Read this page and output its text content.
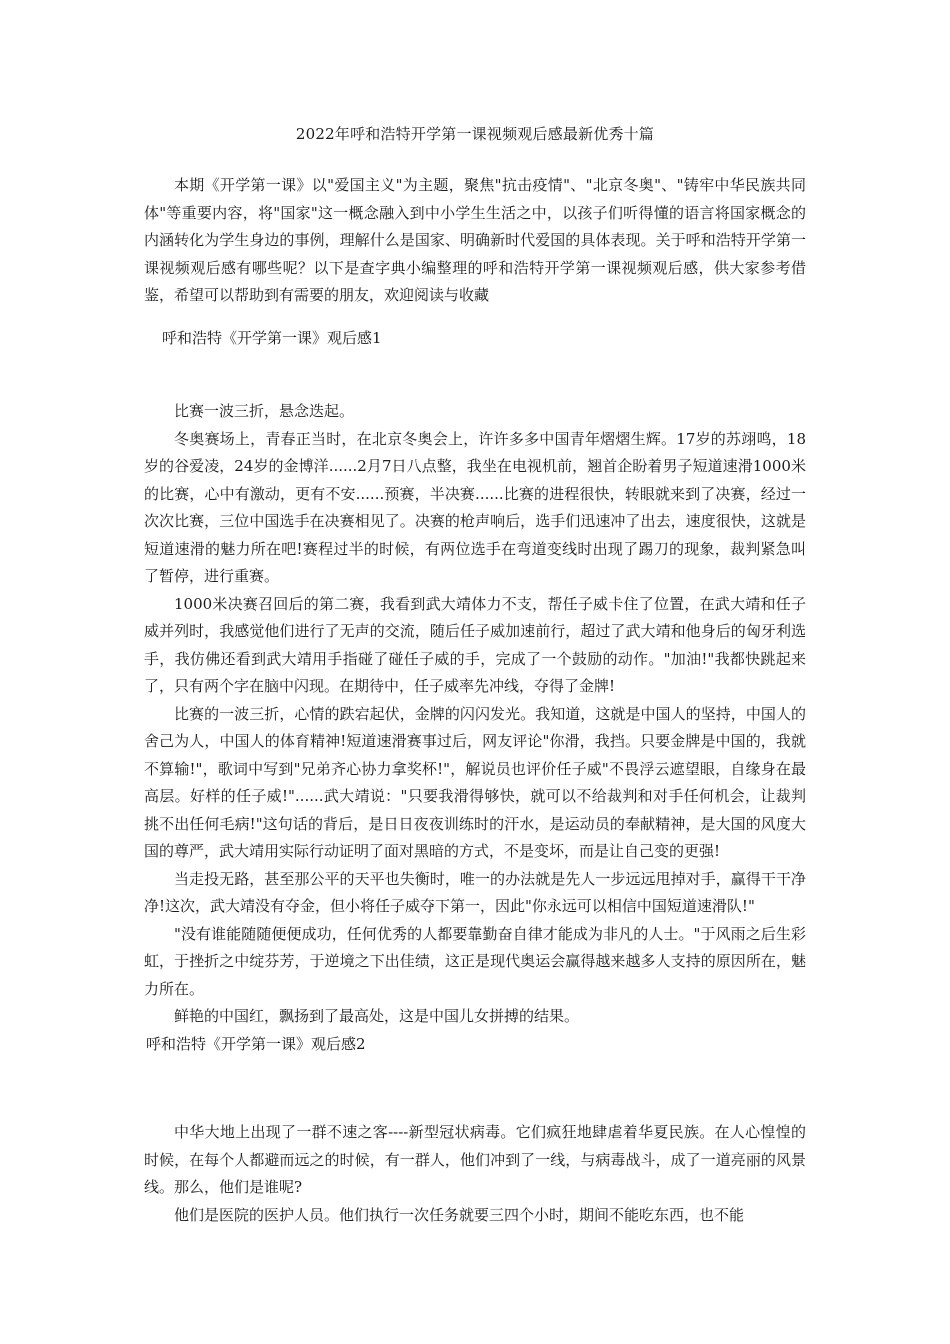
2022年呼和浩特开学第一课视频观后感最新优秀十篇

本期《开学第一课》以"爱国主义"为主题，聚焦"抗击疫情"、"北京冬奥"、"铸牢中华民族共同体"等重要内容，将"国家"这一概念融入到中小学生生活之中，以孩子们听得懂的语言将国家概念的内涵转化为学生身边的事例，理解什么是国家、明确新时代爱国的具体表现。关于呼和浩特开学第一课视频观后感有哪些呢？以下是查字典小编整理的呼和浩特开学第一课视频观后感，供大家参考借鉴，希望可以帮助到有需要的朋友，欢迎阅读与收藏

呼和浩特《开学第一课》观后感1

比赛一波三折，悬念迭起。

冬奥赛场上，青春正当时，在北京冬奥会上，许许多多中国青年熠熠生辉。17岁的苏翊鸣，18岁的谷爱凌，24岁的金博洋......2月7日八点整，我坐在电视机前，翘首企盼着男子短道速滑1000米的比赛，心中有激动，更有不安......预赛，半决赛......比赛的进程很快，转眼就来到了决赛，经过一次次比赛，三位中国选手在决赛相见了。决赛的枪声响后，选手们迅速冲了出去，速度很快，这就是短道速滑的魅力所在吧!赛程过半的时候，有两位选手在弯道变线时出现了踢刀的现象，裁判紧急叫了暂停，进行重赛。

1000米决赛召回后的第二赛，我看到武大靖体力不支，帮任子威卡住了位置，在武大靖和任子威并列时，我感觉他们进行了无声的交流，随后任子威加速前行，超过了武大靖和他身后的匈牙利选手，我仿佛还看到武大靖用手指碰了碰任子威的手，完成了一个鼓励的动作。"加油!"我都快跳起来了，只有两个字在脑中闪现。在期待中，任子威率先冲线，夺得了金牌!

比赛的一波三折，心情的跌宕起伏，金牌的闪闪发光。我知道，这就是中国人的坚持，中国人的舍己为人，中国人的体育精神!短道速滑赛事过后，网友评论"你滑，我挡。只要金牌是中国的，我就不算输!"，歌词中写到"兄弟齐心协力拿奖杯!"，解说员也评价任子威"不畏浮云遮望眼，自缘身在最高层。好样的任子威!"......武大靖说："只要我滑得够快，就可以不给裁判和对手任何机会，让裁判挑不出任何毛病!"这句话的背后，是日日夜夜训练时的汗水，是运动员的奉献精神，是大国的风度大国的尊严，武大靖用实际行动证明了面对黑暗的方式，不是变坏，而是让自己变的更强!

当走投无路，甚至那公平的天平也失衡时，唯一的办法就是先人一步远远甩掉对手，赢得干干净净!这次，武大靖没有夺金，但小将任子威夺下第一，因此"你永远可以相信中国短道速滑队!"

"没有谁能随随便便成功，任何优秀的人都要靠勤奋自律才能成为非凡的人士。"于风雨之后生彩虹，于挫折之中绽芬芳，于逆境之下出佳绩，这正是现代奥运会赢得越来越多人支持的原因所在，魅力所在。

鲜艳的中国红，飘扬到了最高处，这是中国儿女拼搏的结果。

呼和浩特《开学第一课》观后感2

中华大地上出现了一群不速之客----新型冠状病毒。它们疯狂地肆虐着华夏民族。在人心惶惶的时候，在每个人都避而远之的时候，有一群人，他们冲到了一线，与病毒战斗，成了一道亮丽的风景线。那么，他们是谁呢?

他们是医院的医护人员。他们执行一次任务就要三四个小时，期间不能吃东西，也不能
